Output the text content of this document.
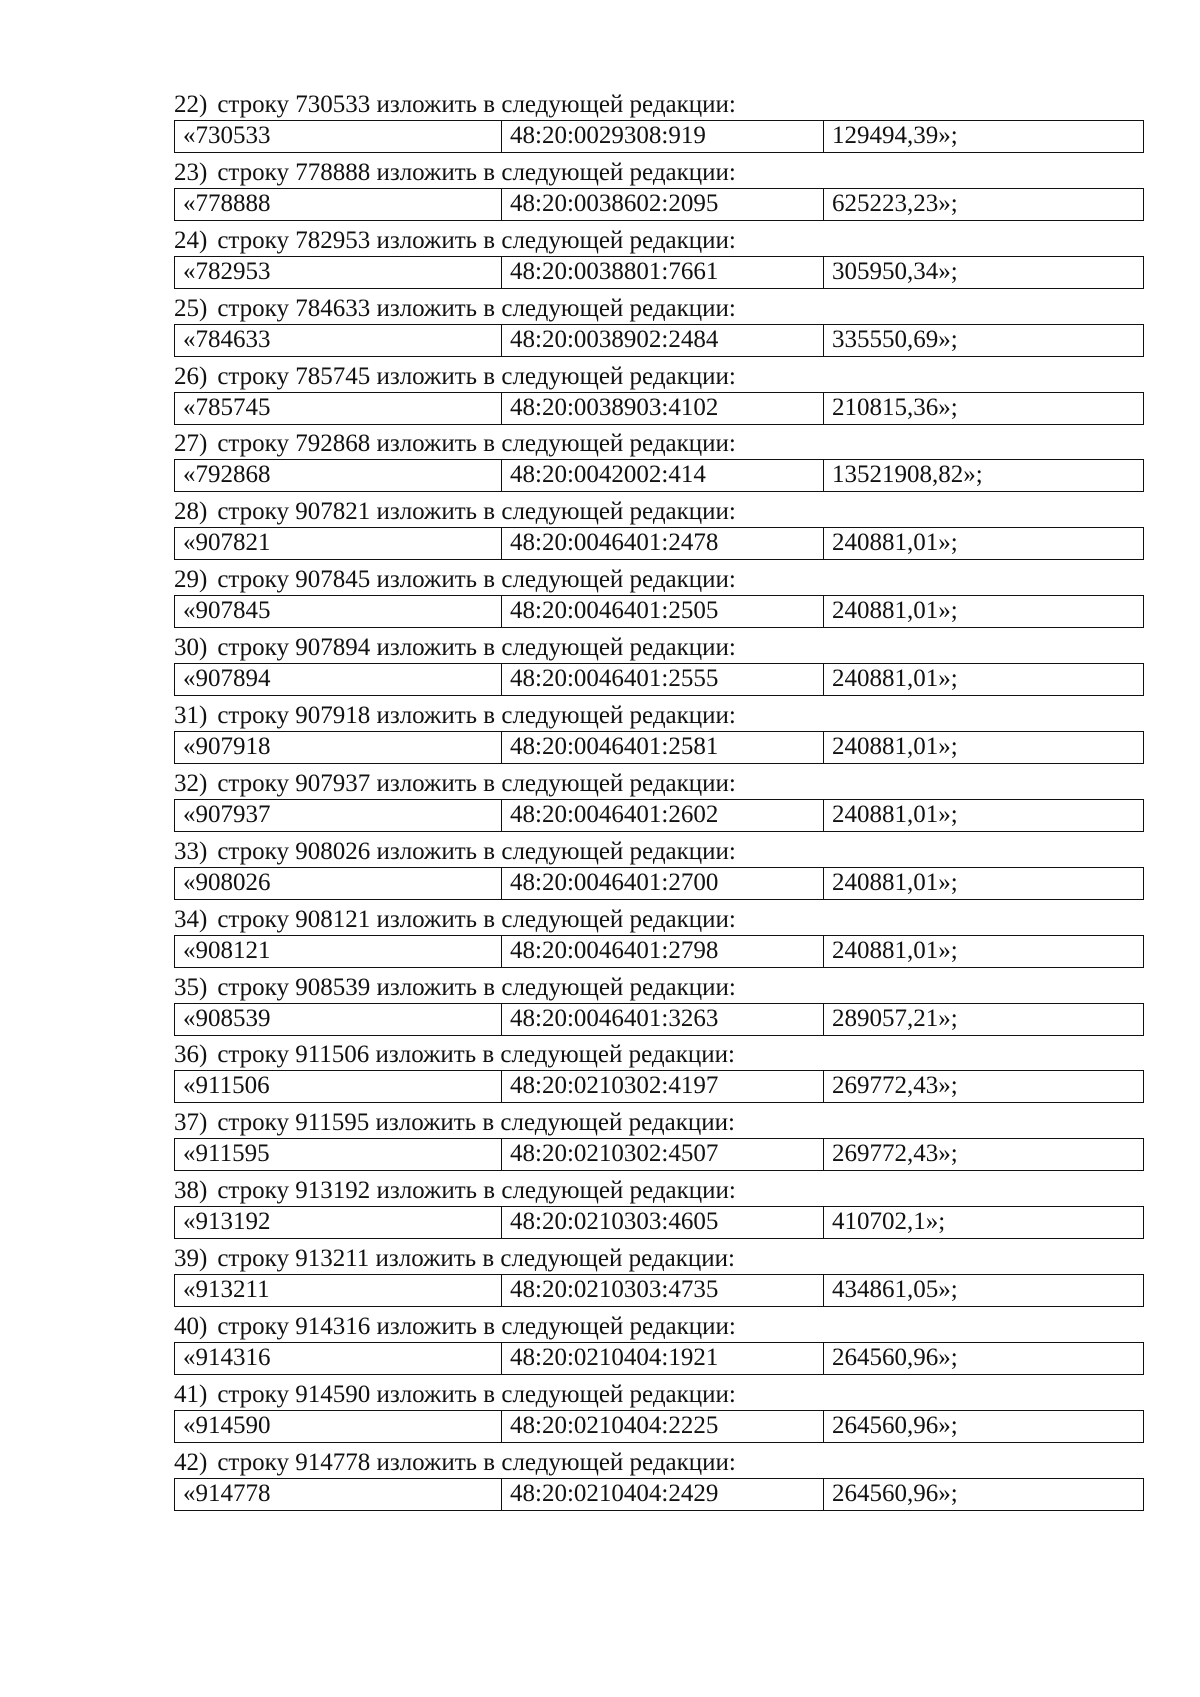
22) строку 730533 изложить в следующей редакции:
«730533	48:20:0029308:919	129494,39»;
23) строку 778888 изложить в следующей редакции:
«778888	48:20:0038602:2095	625223,23»;
24) строку 782953 изложить в следующей редакции:
«782953	48:20:0038801:7661	305950,34»;
25) строку 784633 изложить в следующей редакции:
«784633	48:20:0038902:2484	335550,69»;
26) строку 785745 изложить в следующей редакции:
«785745	48:20:0038903:4102	210815,36»;
27) строку 792868 изложить в следующей редакции:
«792868	48:20:0042002:414	13521908,82»;
28) строку 907821 изложить в следующей редакции:
«907821	48:20:0046401:2478	240881,01»;
29) строку 907845 изложить в следующей редакции:
«907845	48:20:0046401:2505	240881,01»;
30) строку 907894 изложить в следующей редакции:
«907894	48:20:0046401:2555	240881,01»;
31) строку 907918 изложить в следующей редакции:
«907918	48:20:0046401:2581	240881,01»;
32) строку 907937 изложить в следующей редакции:
«907937	48:20:0046401:2602	240881,01»;
33) строку 908026 изложить в следующей редакции:
«908026	48:20:0046401:2700	240881,01»;
34) строку 908121 изложить в следующей редакции:
«908121	48:20:0046401:2798	240881,01»;
35) строку 908539 изложить в следующей редакции:
«908539	48:20:0046401:3263	289057,21»;
36) строку 911506 изложить в следующей редакции:
«911506	48:20:0210302:4197	269772,43»;
37) строку 911595 изложить в следующей редакции:
«911595	48:20:0210302:4507	269772,43»;
38) строку 913192 изложить в следующей редакции:
«913192	48:20:0210303:4605	410702,1»;
39) строку 913211 изложить в следующей редакции:
«913211	48:20:0210303:4735	434861,05»;
40) строку 914316 изложить в следующей редакции:
«914316	48:20:0210404:1921	264560,96»;
41) строку 914590 изложить в следующей редакции:
«914590	48:20:0210404:2225	264560,96»;
42) строку 914778 изложить в следующей редакции:
«914778	48:20:0210404:2429	264560,96»;
